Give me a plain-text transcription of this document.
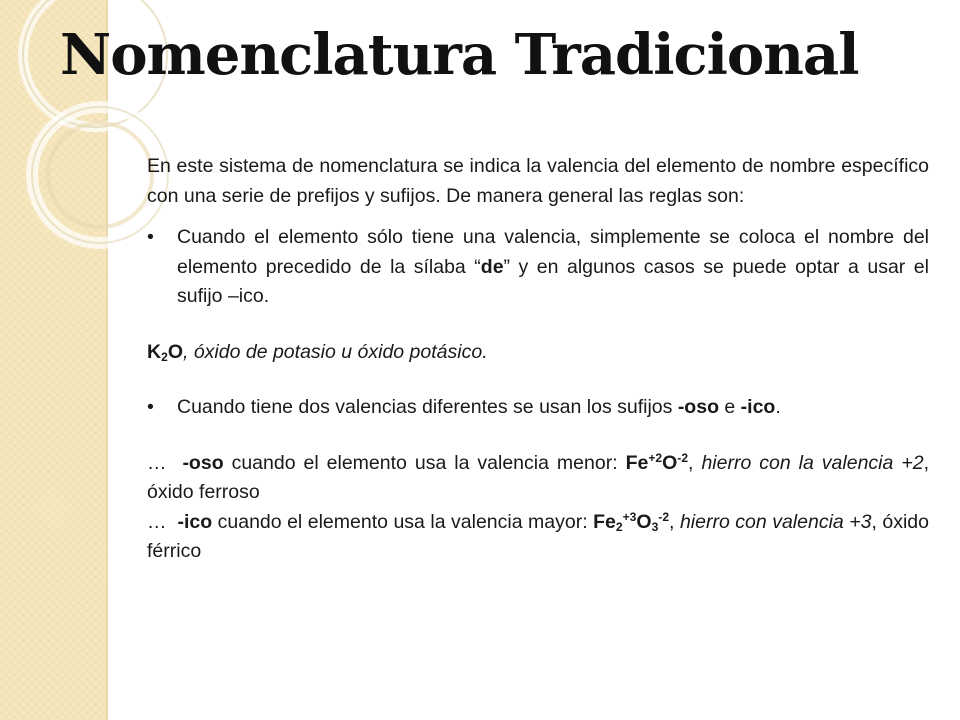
Nomenclatura Tradicional

En este sistema de nomenclatura se indica la valencia del elemento de nombre específico con una serie de prefijos y sufijos. De manera general las reglas son:

•	Cuando el elemento sólo tiene una valencia, simplemente se coloca el nombre del elemento precedido de la sílaba “de” y en algunos casos se puede optar a usar el sufijo –ico.

$K_2O$, óxido de potasio u óxido potásico.

•	Cuando tiene dos valencias diferentes se usan los sufijos -oso e -ico.

… -oso cuando el elemento usa la valencia menor: $Fe^{+2}O^{-2}$, hierro con la valencia +2, óxido ferroso

… -ico cuando el elemento usa la valencia mayor: $Fe_2^{+3}O_3^{-2}$, hierro con valencia +3, óxido férrico
